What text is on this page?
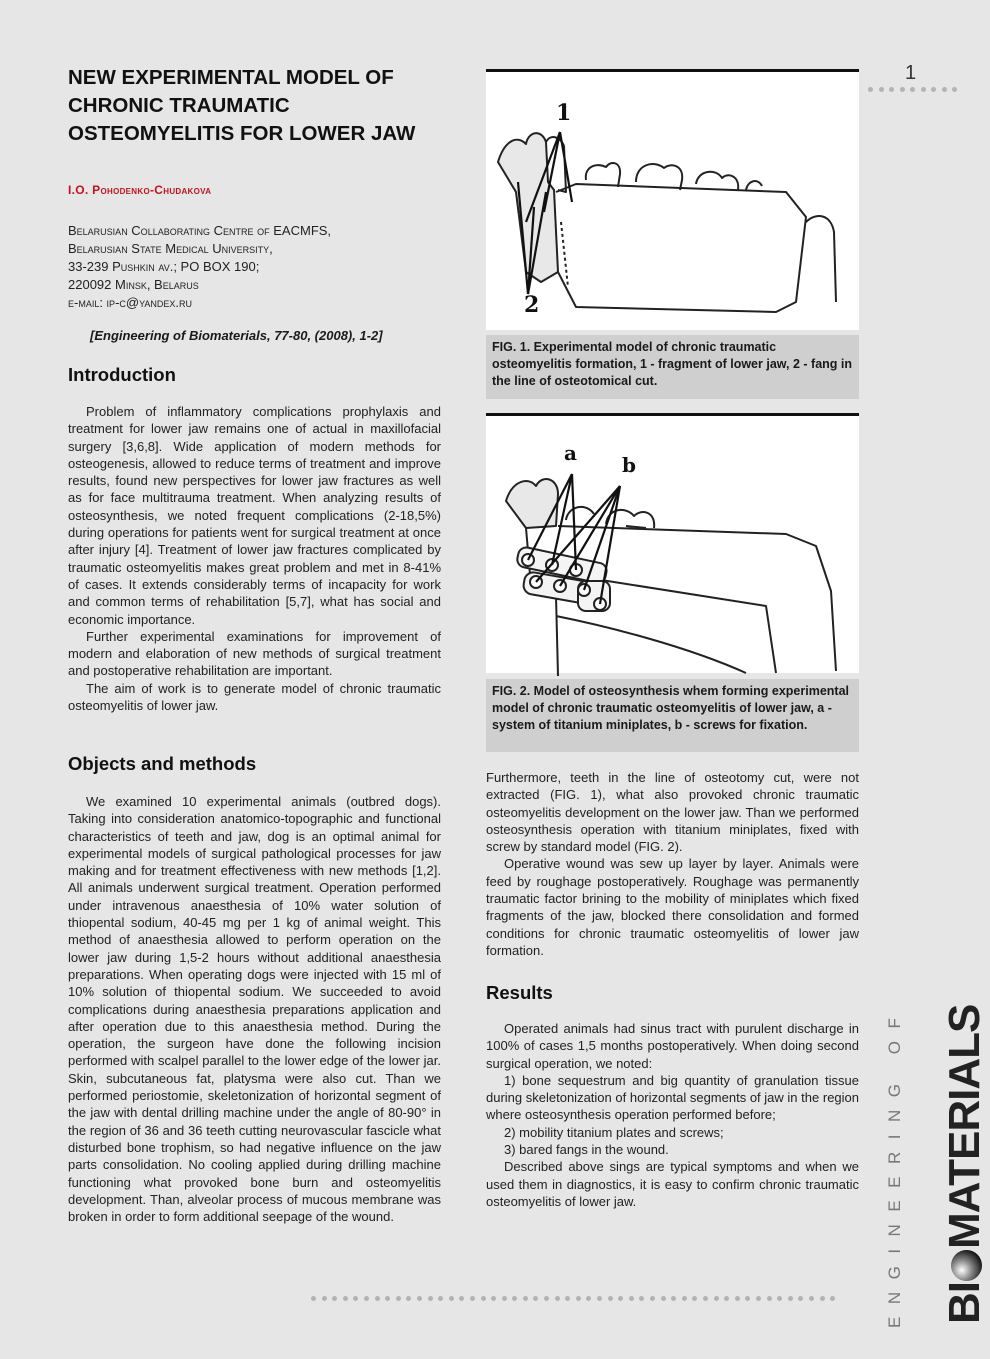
1
NEW EXPERIMENTAL MODEL OF CHRONIC TRAUMATIC OSTEOMYELITIS FOR LOWER JAW
I.O. Pohodenko-Chudakova
Belarusian Collaborating Centre of EACMFS,
Belarusian State Medical University,
33-239 Pushkin av.; PO BOX 190;
220092 Minsk, Belarus
e-mail: ip-c@yandex.ru
[Engineering of Biomaterials, 77-80, (2008), 1-2]
Introduction

Problem of inflammatory complications prophylaxis and treatment for lower jaw remains one of actual in maxillofacial surgery [3,6,8]. Wide application of modern methods for osteogenesis, allowed to reduce terms of treatment and improve results, found new perspectives for lower jaw fractures as well as for face multitrauma treatment. When analyzing results of osteosynthesis, we noted frequent complications (2-18,5%) during operations for patients went for surgical treatment at once after injury [4]. Treatment of lower jaw fractures complicated by traumatic osteomyelitis makes great problem and met in 8-41% of cases. It extends considerably terms of incapacity for work and common terms of rehabilitation [5,7], what has social and economic importance.

Further experimental examinations for improvement of modern and elaboration of new methods of surgical treatment and postoperative rehabilitation are important.

The aim of work is to generate model of chronic traumatic osteomyelitis of lower jaw.

Objects and methods

We examined 10 experimental animals (outbred dogs). Taking into consideration anatomico-topographic and functional characteristics of teeth and jaw, dog is an optimal animal for experimental models of surgical pathological processes for jaw making and for treatment effectiveness with new methods [1,2]. All animals underwent surgical treatment. Operation performed under intravenous anaesthesia of 10% water solution of thiopental sodium, 40-45 mg per 1 kg of animal weight. This method of anaesthesia allowed to perform operation on the lower jaw during 1,5-2 hours without additional anaesthesia preparations. When operating dogs were injected with 15 ml of 10% solution of thiopental sodium. We succeeded to avoid complications during anaesthesia preparations application and after operation due to this anaesthesia method. During the operation, the surgeon have done the following incision performed with scalpel parallel to the lower edge of the lower jar. Skin, subcutaneous fat, platysma were also cut. Than we performed periostomie, skeletonization of horizontal segment of the jaw with dental drilling machine under the angle of 80-90° in the region of 36 and 36 teeth cutting neurovascular fascicle what disturbed bone trophism, so had negative influence on the jaw parts consolidation. No cooling applied during drilling machine functioning what provoked bone burn and osteomyelitis development. Than, alveolar process of mucous membrane was broken in order to form additional seepage of the wound.

1
2
FIG. 1. Experimental model of chronic traumatic osteomyelitis formation, 1 - fragment of lower jaw, 2 - fang in the line of osteotomical cut.
a b
FIG. 2. Model of osteosynthesis whem forming experimental model of chronic traumatic osteomyelitis of lower jaw, a - system of titanium miniplates, b - screws for fixation.

Furthermore, teeth in the line of osteotomy cut, were not extracted (FIG. 1), what also provoked chronic traumatic osteomyelitis development on the lower jaw. Than we performed osteosynthesis operation with titanium miniplates, fixed with screw by standard model (FIG. 2).

Operative wound was sew up layer by layer. Animals were feed by roughage postoperatively. Roughage was permanently traumatic factor brining to the mobility of miniplates which fixed fragments of the jaw, blocked there consolidation and formed conditions for chronic traumatic osteomyelitis of lower jaw formation.

Results

Operated animals had sinus tract with purulent discharge in 100% of cases 1,5 months postoperatively. When doing second surgical operation, we noted:

1) bone sequestrum and big quantity of granulation tissue during skeletonization of horizontal segments of jaw in the region where osteosynthesis operation performed before;

2) mobility titanium plates and screws;

3) bared fangs in the wound.

Described above sings are typical symptoms and when we used them in diagnostics, it is easy to confirm chronic traumatic osteomyelitis of lower jaw.	ENGINEERING OF BIMATERIALS
